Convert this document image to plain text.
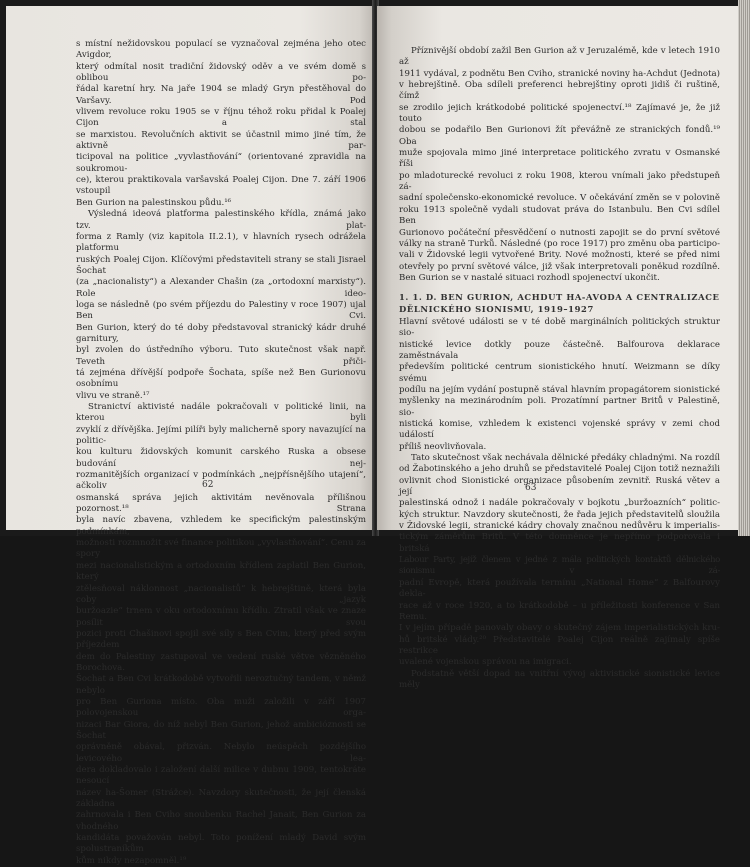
s místní nežidovskou populací se vyznačoval zejména jeho otec Avigdor,

který odmítal nosit tradiční židovský oděv a ve svém domě s oblibou po-

řádal karetní hry. Na jaře 1904 se mladý Gryn přestěhoval do Varšavy. Pod

vlivem revoluce roku 1905 se v říjnu téhož roku přidal k Poalej Cijon a stal

se marxistou. Revolučních aktivit se účastnil mimo jiné tím, že aktivně par-

ticipoval na politice „vyvlastňování“ (orientované zpravidla na soukromou-

ce), kterou praktikovala varšavská Poalej Cijon. Dne 7. září 1906 vstoupil

Ben Gurion na palestinskou půdu.¹⁶

Výsledná ideová platforma palestinského křídla, známá jako tzv. plat-

forma z Ramly (viz kapitola II.2.1), v hlavních rysech odrážela platformu

ruských Poalej Cijon. Klíčovými představiteli strany se stali Jisrael Šochat

(za „nacionalisty“) a Alexander Chašin (za „ortodoxní marxisty“). Role ideo-

loga se následně (po svém příjezdu do Palestiny v roce 1907) ujal Ben Cvi.

Ben Gurion, který do té doby představoval stranický kádr druhé garnitury,

byl zvolen do ústředního výboru. Tuto skutečnost však např. Teveth přiči-

tá zejména dřívější podpoře Šochata, spíše než Ben Gurionovu osobnímu

vlivu ve straně.¹⁷

Stranictví aktivisté nadále pokračovali v politické linii, na kterou byli

zvyklí z dřívějška. Jejími pilíři byly malicherně spory navazující na politic-

kou kulturu židovských komunit carského Ruska a obsese budování nej-

rozmanitějších organizací v podmínkách „nejpřísnějšího utajení“, ačkoliv

osmanská správa jejich aktivitám nevěnovala přílišnou pozornost.¹⁸ Strana

byla navíc zbavena, vzhledem ke specifickým palestinským podmínkám,

možnosti rozmnožit své finance politikou „vyvlastňování“. Cenu za spory

mezi nacionalistickým a ortodoxním křídlem zaplatil Ben Gurion, který

ztělesňoval náklonnost „nacionalistů“ k hebrejštině, která byla coby „jazyk

buržoazie“ trnem v oku ortodoxnímu křídlu. Ztratil však ve znaze posílit svou

pozici proti Chašinovi spojil své síly s Ben Cvim, který před svým příjezdem

dem do Palestiny zastupoval ve vedení ruské větve vězněného Borochova.

Šochat a Ben Cvi krátkodobě vytvořili neroztučný tandem, v němž nebylo

pro Ben Guriona místo. Oba muži založili v září 1907 polovojenskou orga-

nizaci Bar Giora, do níž nebyl Ben Gurion, jehož ambicióznosti se Šochat

oprávněně obával, přizván. Nebylo neúspěch pozdějšího levicového lea-

dera dokladovalo i založení další milice v dubnu 1909, tentokráte nesoucí

název ha-Šomer (Strážce). Navzdory skutečnosti, že její členská základna

zahrnovala i Ben Cviho snoubenku Rachel Janait, Ben Gurion za vhodného

kandidáta považován nebyl. Toto ponížení mladý David svým spolustraníkům

kům nikdy nezapomněl.¹⁹

62

Příznivější období zažil Ben Gurion až v Jeruzalémě, kde v letech 1910 až

1911 vydával, z podnětu Ben Cviho, stranické noviny ha-Achdut (Jednota)

v hebrejštině. Oba sdíleli preferenci hebrejštiny oproti jidiš či ruštině, čímž

se zrodilo jejich krátkodobé politické spojenectví.¹⁸ Zajímavé je, že již touto

dobou se podařilo Ben Gurionovi žít převážně ze stranických fondů.¹⁹ Oba

muže spojovala mimo jiné interpretace politického zvratu v Osmanské říši

po mladoturecké revoluci z roku 1908, kterou vnímali jako předstupeň zá-

sadní společensko-ekonomické revoluce. V očekávání změn se v polovině

roku 1913 společně vydali studovat práva do Istanbulu. Ben Cvi sdílel Ben

Gurionovo počáteční přesvědčení o nutnosti zapojit se do první světové

války na straně Turků. Následné (po roce 1917) pro změnu oba participo-

vali v Židovské legii vytvořené Brity. Nové možnosti, které se před nimi

otevřely po první světové válce, již však interpretovali poněkud rozdílně.

Ben Gurion se v nastalé situaci rozhodl spojenectví ukončit.

1. 1. D. BEN GURION, ACHDUT HA-AVODA A CENTRALIZACE
DĚLNICKÉHO SIONISMU, 1919–1927

Hlavní světové události se v té době marginálních politických struktur sio-

nistické levice dotkly pouze částečně. Balfourova deklarace zaměstnávala

především politické centrum sionistického hnutí. Weizmann se díky svému

podílu na jejím vydání postupně stával hlavním propagátorem sionistické

myšlenky na mezinárodním poli. Prozatímní partner Britů v Palestině, sio-

nistická komise, vzhledem k existenci vojenské správy v zemi chod událostí

příliš neovlivňovala.

Tato skutečnost však nechávala dělnické předáky chladnými. Na rozdíl

od Žabotinského a jeho druhů se představitelé Poalej Cijon totiž neznažili

ovlivnit chod Sionistické organizace působením zevnitř. Ruská větev a její

palestinská odnož i nadále pokračovaly v bojkotu „buržoazních“ politic-

kých struktur. Navzdory skutečnosti, že řada jejich představitelů sloužila

v Židovské legii, stranické kádry chovaly značnou nedůvěru k imperialis-

tickým záměrům Britů. V této domněnce je nepřímo podporovala i britská

Labour Party, jejíž členem v jedné z mála politických kontaktů dělnického sionismu v zá-

padní Evropě, která používala termínu „National Home“ z Balfourovy dekla-

race až v roce 1920, a to krátkodobě – u příležitosti konference v San Remu.

I v jejím případě panovaly obavy o skutečný zájem imperialistických kru-

hů britské vlády.²⁰ Představitelé Poalej Cijon reálně zajímaly spíše restrikce

uvalené vojenskou správou na imigraci.

Podstatně větší dopad na vnitřní vývoj aktivistické sionistické levice měly

63
